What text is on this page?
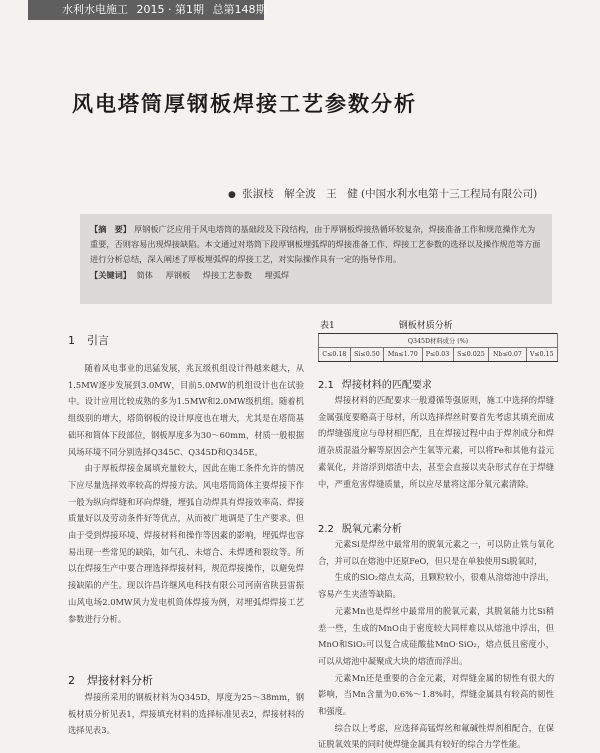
水利水电施工 2015 · 第1期 总第148期
风电塔筒厚钢板焊接工艺参数分析
● 张淑枝　解全波　王　健 (中国水利水电第十三工程局有限公司)
【摘　要】 厚钢板广泛应用于风电塔筒的基础段及下段结构，由于厚钢板焊接热循环较复杂，焊接准备工作和规范操作尤为重要，否则容易出现焊接缺陷。本文通过对塔筒下段厚钢板埋弧焊的焊接准备工作、焊接工艺参数的选择以及操作规范等方面进行分析总结，深入阐述了厚板埋弧焊的焊接工艺，对实际操作具有一定的指导作用。
【关键词】 简体 厚钢板 焊接工艺参数 埋弧焊
1 引言

随着风电事业的迅猛发展，兆瓦级机组设计得越来越大，从1.5MW逐步发展到3.0MW，目前5.0MW的机组设计也在试验中。设计应用比较成熟的多为1.5MW和2.0MW级机组。随着机组级别的增大，塔筒钢板的设计厚度也在增大，尤其是在塔筒基础环和简体下段部位，钢板厚度多为30～60mm，材质一般根据风场环境不同分别选择Q345C、Q345D和Q345E。

由于厚板焊接金属填充量较大，因此在施工条件允许的情况下应尽量选择效率较高的焊接方法。风电塔筒筒体主要焊接下作一般为纵向焊缝和环向焊缝，埋弧自动焊具有焊接效率高、焊接质量好以及劳动条件好等优点，从而被广地调是了生产要求。但由于受到焊接环境、焊接材料和操作等因素的影响，埋弧焊也容易出现一些常见的缺陷，如气孔、未熔合、未焊透和裂纹等。所以在焊接生产中要合理选择焊接材料，规范焊接操作，以避免焊接缺陷的产生。现以许昌许继风电科技有限公司河南省陕县雷振山风电场2.0MW风力发电机筒体焊接为例，对埋弧焊焊接工艺参数进行分析。

2 焊接材料分析

焊接所采用的钢板材料为Q345D，厚度为25～38mm，钢板材质分析见表1，焊接填充材料的选择标准见表2，焊接材料的选择见表3。

表1	钢板材质分析
Q345D材料成分 (%)
C≤0.18	Si≤0.50	Mn≤1.70	P≤0.03	S≤0.025	Nb≤0.07	V≤0.15
2.1 焊接材料的匹配要求

焊接材料的匹配要求一般遵循等强原则，施工中选择的焊缝金属强度要略高于母材，所以选择焊丝时要首先考虑其填充面成的焊缝强度应与母材相匹配，且在焊接过程中由于焊剂成分和焊道杂质混溢分解等原因会产生氧等元素，可以将Fe和其他有益元素氧化，并溶浮到熔渣中去，甚至会直接以夹杂形式存在于焊缝中，严重危害焊缝质量，所以应尽量将这部分氧元素清除。

2.2 脱氧元素分析

元素Si是焊丝中最常用的脱氧元素之一，可以防止铁与氧化合，并可以在熔池中还原FeO，但只是在单独使用Si脱氧时，

生成的SiO₂熔点太高，且颗粒较小，很难从溶熔池中浮出，容易产生夹渣等缺陷。

元素Mn也是焊丝中最常用的脱氧元素，其脱氧能力比Si稍差一些，生成的MnO由于密度较大同样难以从熔池中浮出，但MnO和SiO₂可以复合成硅酸盐MnO·SiO₂，熔点低且密度小，可以从熔池中凝聚成大块的熔渣而浮出。

元素Mn还是重要的合金元素，对焊缝金属的韧性有很大的影响，当Mn含量为0.6%～1.8%时，焊缝金属具有较高的韧性和强度。

综合以上考虑，应选择高锰焊丝和氟碱性焊剂相配合，在保证脱氧效果的同时使焊缝金属具有较好的综合力学性能。
